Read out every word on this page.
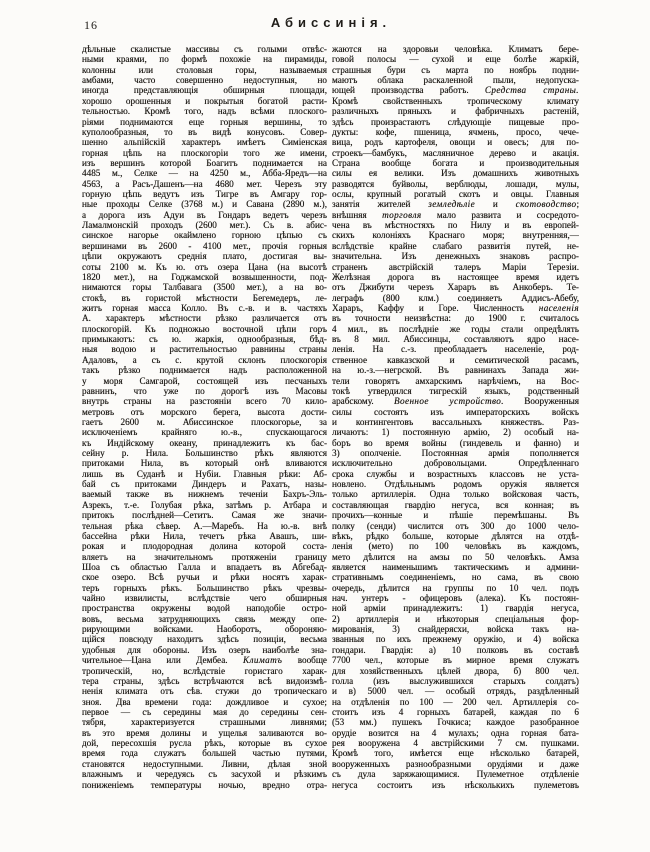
16	Абиссинія.
дѣльные скалистые массивы съ голыми отвѣс-
ными краями, по формѣ похожіе на пирамиды,
колонны или столовыя горы, называемыя
амбами, часто совершенно недоступныя, но
иногда представляющія обширныя площади,
хорошо орошенныя и покрытыя богатой расти-
тельностью. Кромѣ того, надъ всѣми плоского-
ріями поднимаются еще горныя вершины, то
куполообразныя, то въ видѣ конусовъ. Совер-
шенно альпійскій характеръ имѣетъ Симіенская
горная цѣпь на плоскогоріи того же имени,
изъ вершинъ которой Боагитъ поднимается на
4485 м., Селке — на 4250 м., Абба-Яредъ—на
4563, а Расъ-Дашенъ—на 4680 мет. Черезъ эту
горную цѣпь ведутъ изъ Тигре въ Амгару гор-
ные проходы Селке (3768 м.) и Савана (2890 м.),
а дорога изъ Адуи въ Гондаръ ведетъ черезъ
Ламалмонскій проходъ (2600 мет.). Съ в. абис-
синское нагорье окаймлено горною цѣпью съ
вершинами въ 2600 - 4100 мет., прочія горныя
цѣпи окружаютъ среднія плато, достигая вы-
соты 2100 м. Къ ю. отъ озера Цана (на высотѣ
1820 мет.), на Годжамской возвышенности, под-
нимаются горы Талбавага (3500 мет.), а на во-
стокѣ, въ гористой мѣстности Бегемедеръ, ле-
житъ горная масса Колло. Въ с.-в. и в. частяхъ
А. характеръ мѣстности рѣзко различается отъ
плоскогорій. Къ подножью восточной цѣпи горъ
примыкаютъ: съ ю. жаркія, однообразныя, бѣд-
ныя водою и растительностью равнины страны
Адаловъ, а съ с. крутой склонъ плоскогорія
такъ рѣзко поднимается надъ расположенной
у моря Самгарой, состоящей изъ песчаныхъ
равнинъ, что уже по дорогѣ изъ Масовы
внутрь страны на разстояніи всего 70 кило-
метровъ отъ морского берега, высота дости-
гаетъ 2600 м. Абиссинское плоскогорье, за
исключеніемъ крайняго ю.-в., спускающагося
къ Индійскому океану, принадлежитъ къ бас-
сейну р. Нила. Большинство рѣкъ являются
притоками Нила, въ который онѣ вливаются
лишь въ Суданѣ и Нубіи. Главныя рѣки: Аб-
бай съ притоками Диндеръ и Рахатъ, назы-
ваемый также въ нижнемъ теченіи Бахръ-Эль-
Азрекъ, т.-е. Голубая рѣка, затѣмъ р. Атбара и
притокъ послѣдней—Сетитъ. Самая же значи-
тельная рѣка сѣвер. А.—Маребъ. На ю.-в. внѣ
бассейна рѣки Нила, течетъ рѣка Авашъ, ши-
рокая и плодородная долина которой соста-
вляетъ на значительномъ протяженіи границу
Шоа съ областью Галла и впадаетъ въ Абгебад-
ское озеро. Всѣ ручьи и рѣки носятъ харак-
теръ горныхъ рѣкъ. Большинство рѣкъ чрезвы-
чайно извилисты, вслѣдствіе чего обширныя
пространства окружены водой наподобіе остро-
вовъ, весьма затрудняющихъ связь между опе-
рирующими войсками. Наоборотъ, обороняю-
щійся повсюду находитъ здѣсь позиціи, весьма
удобныя для обороны. Изъ озеръ наиболѣе зна-
чительное—Цана или Дембеа. Климатъ вообще
тропическій, но, вслѣдствіе гористаго харак-
тера страны, здѣсь встрѣчаются всѣ видоизмѣ-
ненія климата отъ сѣв. стужи до тропическаго
зноя. Два времени года: дождливое и сухое;
первое — съ середины мая до середины сен-
тября, характеризуется страшными ливнями;
въ это время долины и ущелья заливаются во-
дой, пересохшія русла рѣкъ, которые въ сухое
время года служатъ большей частью путями,
становятся недоступными. Ливни, дѣлая зной
влажнымъ и чередуясь съ засухой и рѣзкимъ
пониженіемъ температуры ночью, вредно отра-
жаются на здоровьи человѣка. Климатъ бере-
говой полосы — сухой и еще болѣе жаркій,
страшныя бури съ марта по ноябрь подни-
маютъ облака раскаленной пыли, недопуска-
ющей производства работъ. Средства страны.
Кромѣ свойственныхъ тропическому климату
различныхъ пряныхъ и фабричныхъ растеній,
здѣсь произрастаютъ слѣдующіе пищевые про-
дукты: кофе, пшеница, ячмень, просо, чече-
вица, родъ картофеля, овощи и овесъ; для по-
строекъ—бамбукъ, масляничное дерево и акація.
Страна вообще богата и производительныя
силы ея велики. Изъ домашнихъ животныхъ
разводятся буйволы, верблюды, лошади, мулы,
ослы, крупный рогатый скотъ и овцы. Главныя
занятія жителей земледѣліе и скотоводство;
внѣшняя торговля мало развита и сосредото-
чена въ мѣстностяхъ по Нилу и въ европей-
скихъ колоніяхъ Краснаго моря; внутренняя,—
вслѣдствіе крайне слабаго развитія путей, не-
значительна. Изъ денежныхъ знаковъ распро-
страненъ австрійскій талеръ Маріи Терезіи.
Желѣзная дорога въ настоящее время идетъ
отъ Джибути черезъ Хараръ въ Анкоберъ. Те-
леграфъ (800 клм.) соединяетъ Аддисъ-Абебу,
Хараръ, Каффу и Горе. Численность населенія
въ точности неизвѣстна: до 1900 г. считалось
4 мил., въ послѣдніе же годы стали опредѣлять
въ 8 мил. Абиссинцы, составляютъ ядро насе-
ленія. На с.-з. преобладаетъ населеніе, род-
ственное кавказской и семитической расамъ,
на ю.-з.—негрской. Въ равнинахъ Запада жи-
тели говорятъ амхарскимъ нарѣчіемъ, на Вос-
токѣ утвердился тигрескій языкъ, родственный
арабскому. Военное устройство. Вооруженныя
силы состоятъ изъ императорскихъ войскъ
и контингентовъ вассальныхъ княжествъ. Раз-
личаютъ: 1) постоянную армію, 2) особый на-
боръ во время войны (гиндевель и фанно) и
3) ополченіе. Постоянная армія пополняется
исключительно добровольцами. Опредѣленнаго
срока службы и возрастныхъ классовъ не уста-
новлено. Отдѣльнымъ родомъ оружія является
только артиллерія. Одна только войсковая часть,
составляющая гвардію негуса, вся конная; въ
прочихъ—конные и пѣшіе перемѣшаны. Въ
полку (сенди) числится отъ 300 до 1000 чело-
вѣкъ, рѣдко больше, которые дѣлятся на отдѣ-
ленія (мето) по 100 человѣкъ въ каждомъ,
мето дѣлится на амзы по 50 человѣкъ. Амза
является наименьшимъ тактическимъ и админи-
стративнымъ соединеніемъ, но сама, въ свою
очередь, дѣлится на группы по 10 чел. подъ
нач. унтеръ - офицеровъ (алека). Къ постоян-
ной арміи принадлежитъ: 1) гвардія негуса,
2) артиллерія и нѣкоторыя спеціальныя фор-
мированія, 3) снайдерясхи, войска такъ на-
званныя по ихъ прежнему оружію, и 4) войска
гондари. Гвардія: а) 10 полковъ въ составѣ
7700 чел., которые въ мирное время служатъ
для хозяйственныхъ цѣлей двора, б) 800 чел.
голла (изъ выслужившихся старыхъ солдатъ)
и в) 5000 чел. — особый отрядъ, раздѣленный
на отдѣленія по 100 — 200 чел. Артиллерія со-
стоитъ изъ 4 горныхъ батарей, каждая по 6
(53 мм.) пушекъ Гочкиса; каждое разобранное
орудіе возится на 4 мулахъ; одна горная бата-
рея вооружена 4 австрійскими 7 см. пушками.
Кромѣ того, имѣется еще нѣсколько батарей,
вооруженныхъ разнообразными орудіями и даже
съ дула заряжающимися. Пулеметное отдѣленіе
негуса состоитъ изъ нѣсколькихъ пулеметовъ
